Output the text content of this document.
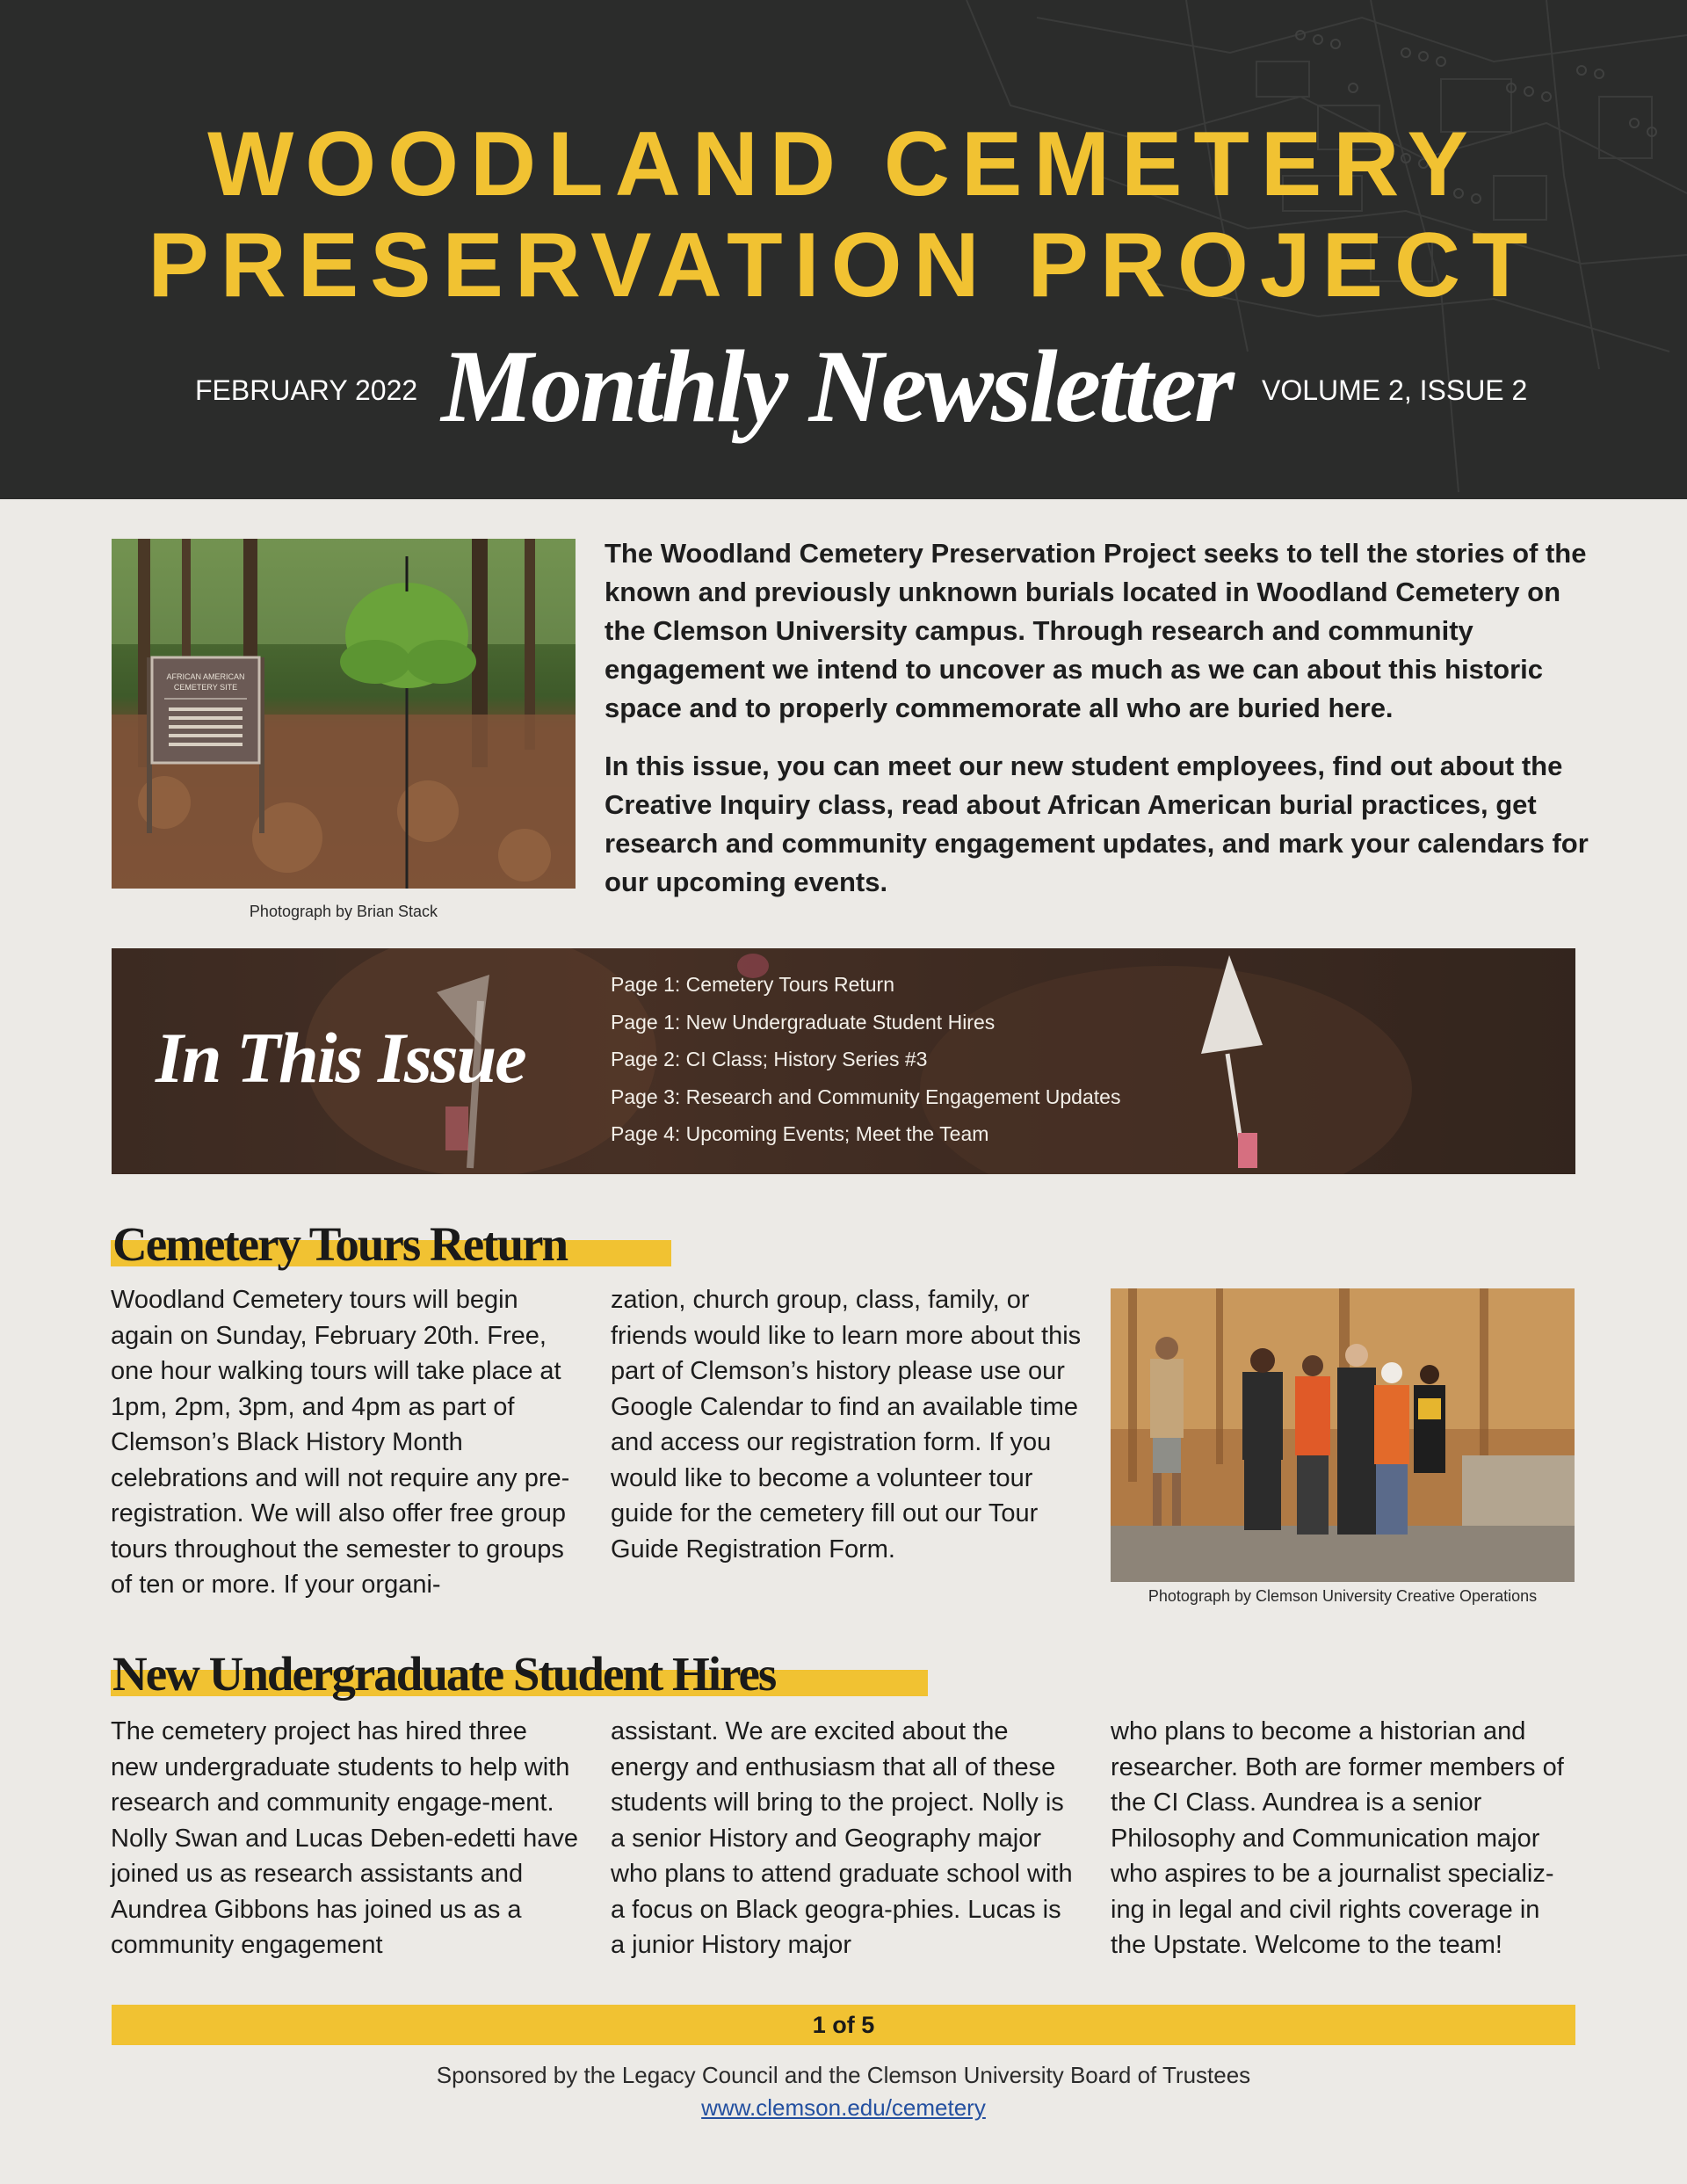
WOODLAND CEMETERY
PRESERVATION PROJECT
FEBRUARY 2022 Monthly Newsletter	VOLUME 2, ISSUE 2
AFRICAN AMERICAN
CEMETERY SITE
Photograph by Brian Stack

The Woodland Cemetery Preservation Project seeks to tell the stories of the known and previously unknown burials located in Woodland Cemetery on the Clemson University campus. Through research and community engagement we intend to uncover as much as we can about this historic space and to properly commemorate all who are buried here.

In this issue, you can meet our new student employees, find out about the Creative Inquiry class, read about African American burial practices, get research and community engagement updates, and mark your calendars for our upcoming events.

In This Issue
Page 1: Cemetery Tours Return
Page 1: New Undergraduate Student Hires
Page 2: CI Class; History Series #3
Page 3: Research and Community Engagement Updates
Page 4: Upcoming Events; Meet the Team
Cemetery Tours Return
Woodland Cemetery tours will begin again on Sunday, February 20th. Free, one hour walking tours will take place at 1pm, 2pm, 3pm, and 4pm as part of Clemson’s Black History Month celebrations and will not require any pre-registration. We will also offer free group tours throughout the semester to groups of ten or more. If your organi-
zation, church group, class, family, or friends would like to learn more about this part of Clemson’s history please use our Google Calendar to find an available time and access our registration form. If you would like to become a volunteer tour guide for the cemetery fill out our Tour Guide Registration Form.
Photograph by Clemson University Creative Operations
New Undergraduate Student Hires
The cemetery project has hired three new undergraduate students to help with research and community engage-ment. Nolly Swan and Lucas Deben-edetti have joined us as research assistants and Aundrea Gibbons has joined us as a community engagement
assistant. We are excited about the energy and enthusiasm that all of these students will bring to the project. Nolly is a senior History and Geography major who plans to attend graduate school with a focus on Black geogra-phies. Lucas is a junior History major
who plans to become a historian and researcher. Both are former members of the CI Class. Aundrea is a senior Philosophy and Communication major who aspires to be a journalist specializ-ing in legal and civil rights coverage in the Upstate. Welcome to the team!
1 of 5
Sponsored by the Legacy Council and the Clemson University Board of Trustees
www.clemson.edu/cemetery
